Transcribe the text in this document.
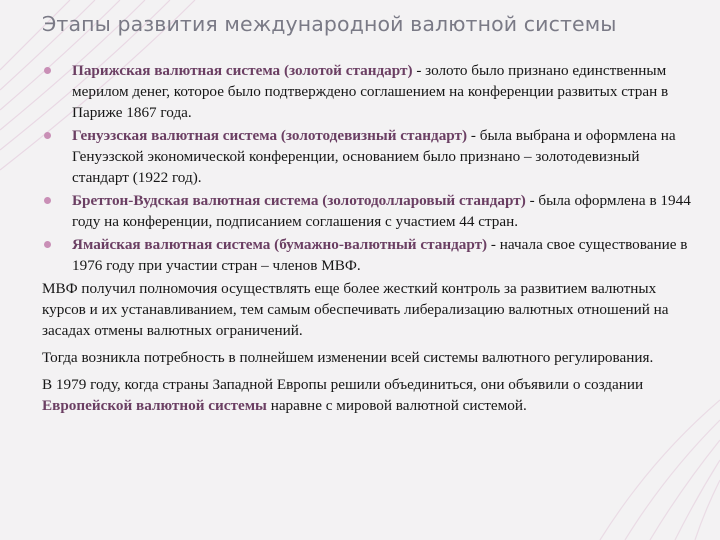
Этапы развития международной валютной системы
Парижская валютная система (золотой стандарт) - золото было признано единственным мерилом денег, которое было подтверждено соглашением на конференции развитых стран в Париже 1867 года.
Генуэзская валютная система (золотодевизный стандарт) - была выбрана и оформлена на Генуэзской экономической конференции, основанием было признано – золотодевизный стандарт (1922 год).
Бреттон-Вудская валютная система (золотодолларовый стандарт) - была оформлена в 1944 году на конференции, подписанием соглашения с участием 44 стран.
Ямайская валютная система (бумажно-валютный стандарт) - начала свое существование в 1976 году при участии стран – членов МВФ.

МВФ получил полномочия осуществлять еще более жесткий контроль за развитием валютных курсов и их устанавливанием, тем самым обеспечивать либерализацию валютных отношений на засадах отмены валютных ограничений.

Тогда возникла потребность в полнейшем изменении всей системы валютного регулирования.

В 1979 году, когда страны Западной Европы решили объединиться, они объявили о создании Европейской валютной системы наравне с мировой валютной системой.
